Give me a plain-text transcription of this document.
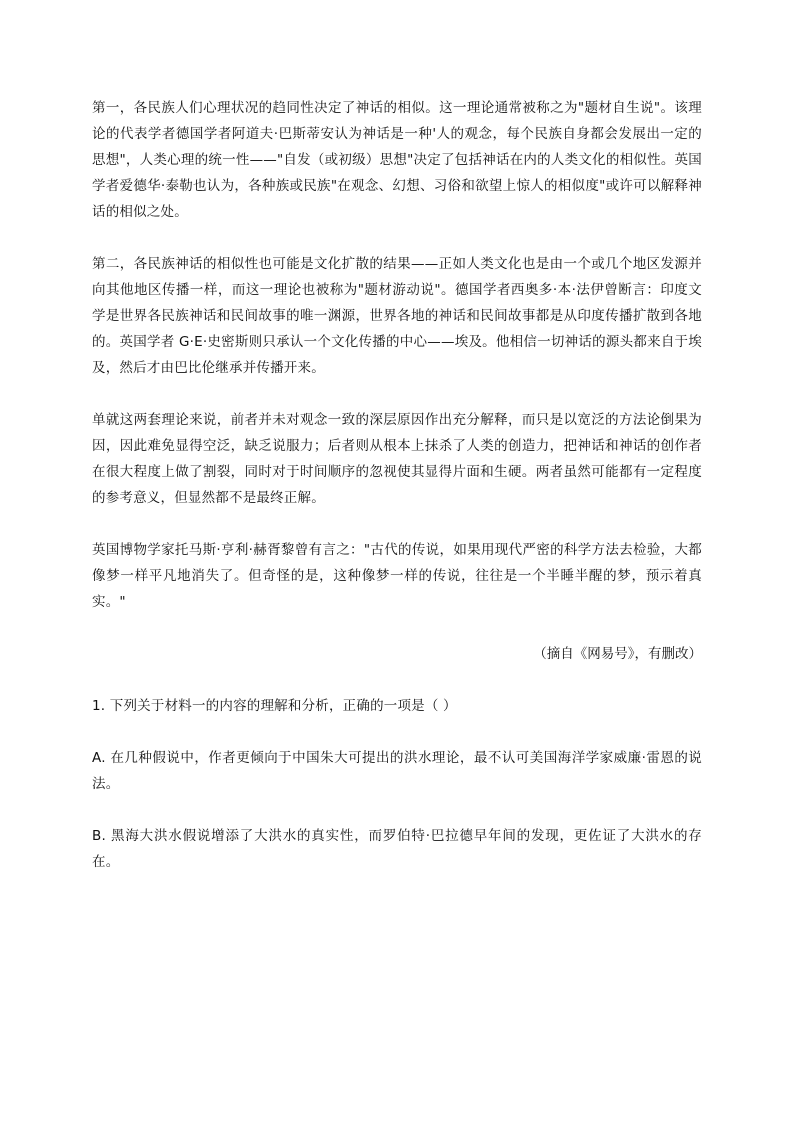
第一，各民族人们心理状况的趋同性决定了神话的相似。这一理论通常被称之为"题材自生说"。该理论的代表学者德国学者阿道夫·巴斯蒂安认为神话是一种'人的观念，每个民族自身都会发展出一定的思想"，人类心理的统一性——"自发（或初级）思想"决定了包括神话在内的人类文化的相似性。英国学者爱德华·泰勒也认为，各种族或民族"在观念、幻想、习俗和欲望上惊人的相似度"或许可以解释神话的相似之处。

第二，各民族神话的相似性也可能是文化扩散的结果——正如人类文化也是由一个或几个地区发源并向其他地区传播一样，而这一理论也被称为"题材游动说"。德国学者西奥多·本·法伊曾断言：印度文学是世界各民族神话和民间故事的唯一渊源，世界各地的神话和民间故事都是从印度传播扩散到各地的。英国学者 G·E·史密斯则只承认一个文化传播的中心——埃及。他相信一切神话的源头都来自于埃及，然后才由巴比伦继承并传播开来。

单就这两套理论来说，前者并未对观念一致的深层原因作出充分解释，而只是以宽泛的方法论倒果为因，因此难免显得空泛，缺乏说服力；后者则从根本上抹杀了人类的创造力，把神话和神话的创作者在很大程度上做了割裂，同时对于时间顺序的忽视使其显得片面和生硬。两者虽然可能都有一定程度的参考意义，但显然都不是最终正解。

英国博物学家托马斯·亨利·赫胥黎曾有言之："古代的传说，如果用现代严密的科学方法去检验，大都像梦一样平凡地消失了。但奇怪的是，这种像梦一样的传说，往往是一个半睡半醒的梦，预示着真实。"

（摘自《网易号》，有删改）

1. 下列关于材料一的内容的理解和分析，正确的一项是（ ）

A. 在几种假说中，作者更倾向于中国朱大可提出的洪水理论，最不认可美国海洋学家威廉·雷恩的说法。

B. 黑海大洪水假说增添了大洪水的真实性，而罗伯特·巴拉德早年间的发现，更佐证了大洪水的存在。
